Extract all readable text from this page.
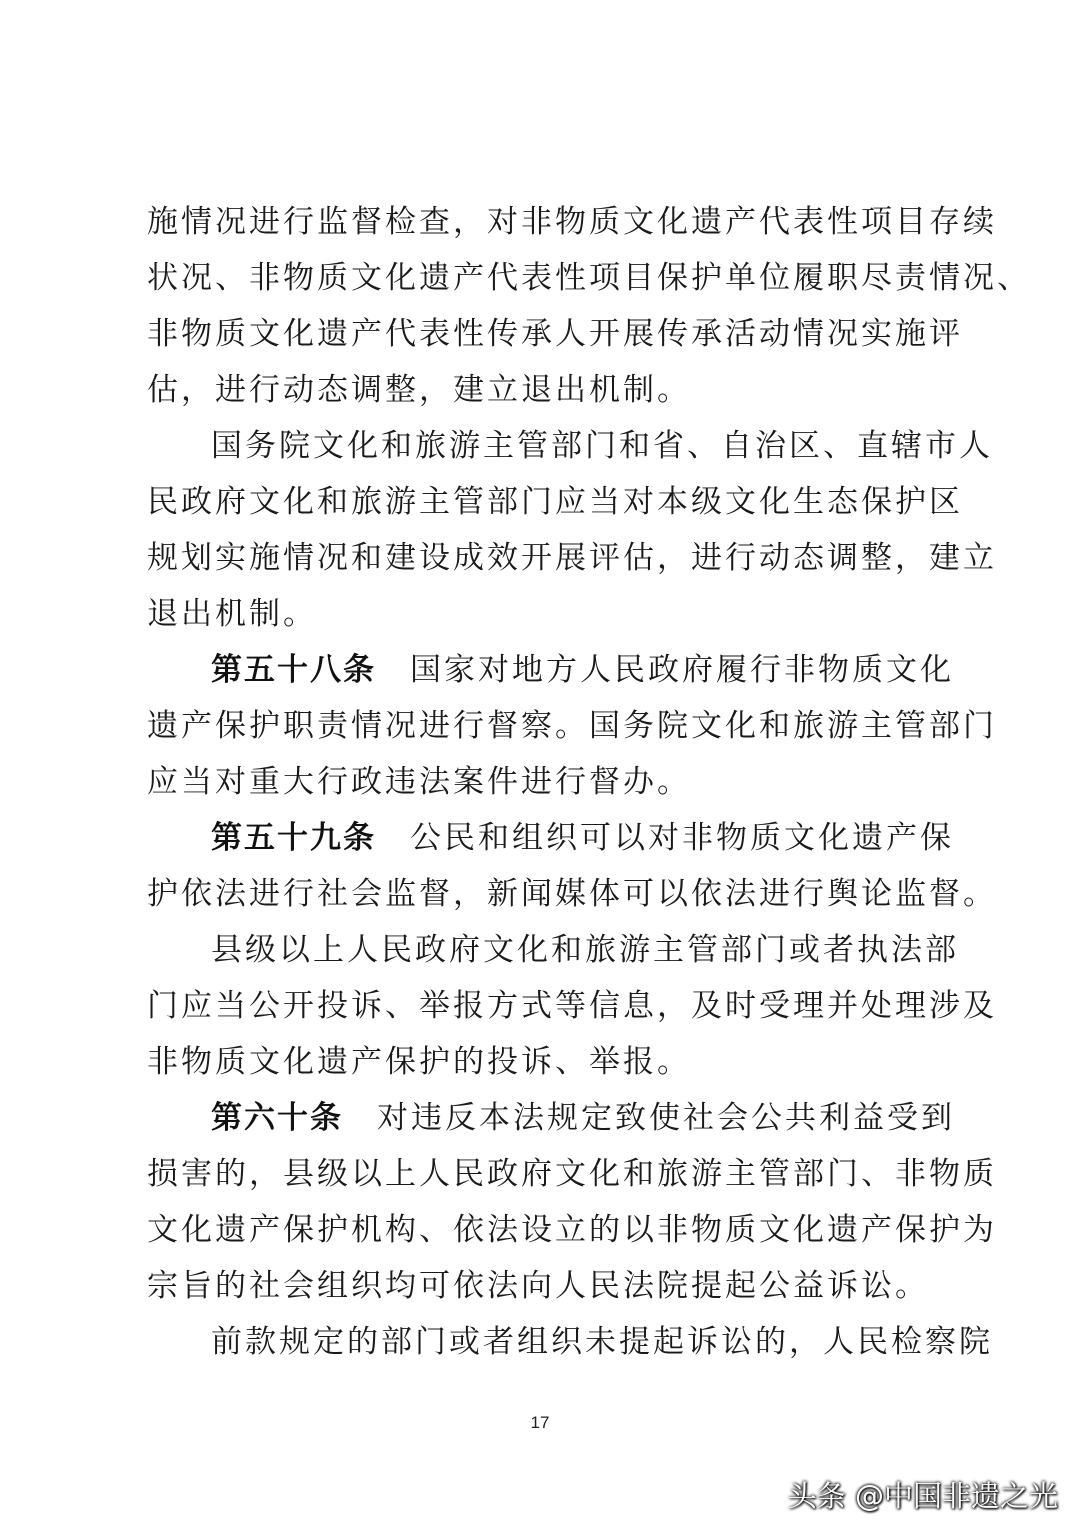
施情况进行监督检查，对非物质文化遗产代表性项目存续

状况、非物质文化遗产代表性项目保护单位履职尽责情况、

非物质文化遗产代表性传承人开展传承活动情况实施评

估，进行动态调整，建立退出机制。

国务院文化和旅游主管部门和省、自治区、直辖市人

民政府文化和旅游主管部门应当对本级文化生态保护区

规划实施情况和建设成效开展评估，进行动态调整，建立

退出机制。

第五十八条 国家对地方人民政府履行非物质文化

遗产保护职责情况进行督察。国务院文化和旅游主管部门

应当对重大行政违法案件进行督办。

第五十九条 公民和组织可以对非物质文化遗产保

护依法进行社会监督，新闻媒体可以依法进行舆论监督。

县级以上人民政府文化和旅游主管部门或者执法部

门应当公开投诉、举报方式等信息，及时受理并处理涉及

非物质文化遗产保护的投诉、举报。

第六十条 对违反本法规定致使社会公共利益受到

损害的，县级以上人民政府文化和旅游主管部门、非物质

文化遗产保护机构、依法设立的以非物质文化遗产保护为

宗旨的社会组织均可依法向人民法院提起公益诉讼。

前款规定的部门或者组织未提起诉讼的，人民检察院

17
头条 @中国非遗之光
